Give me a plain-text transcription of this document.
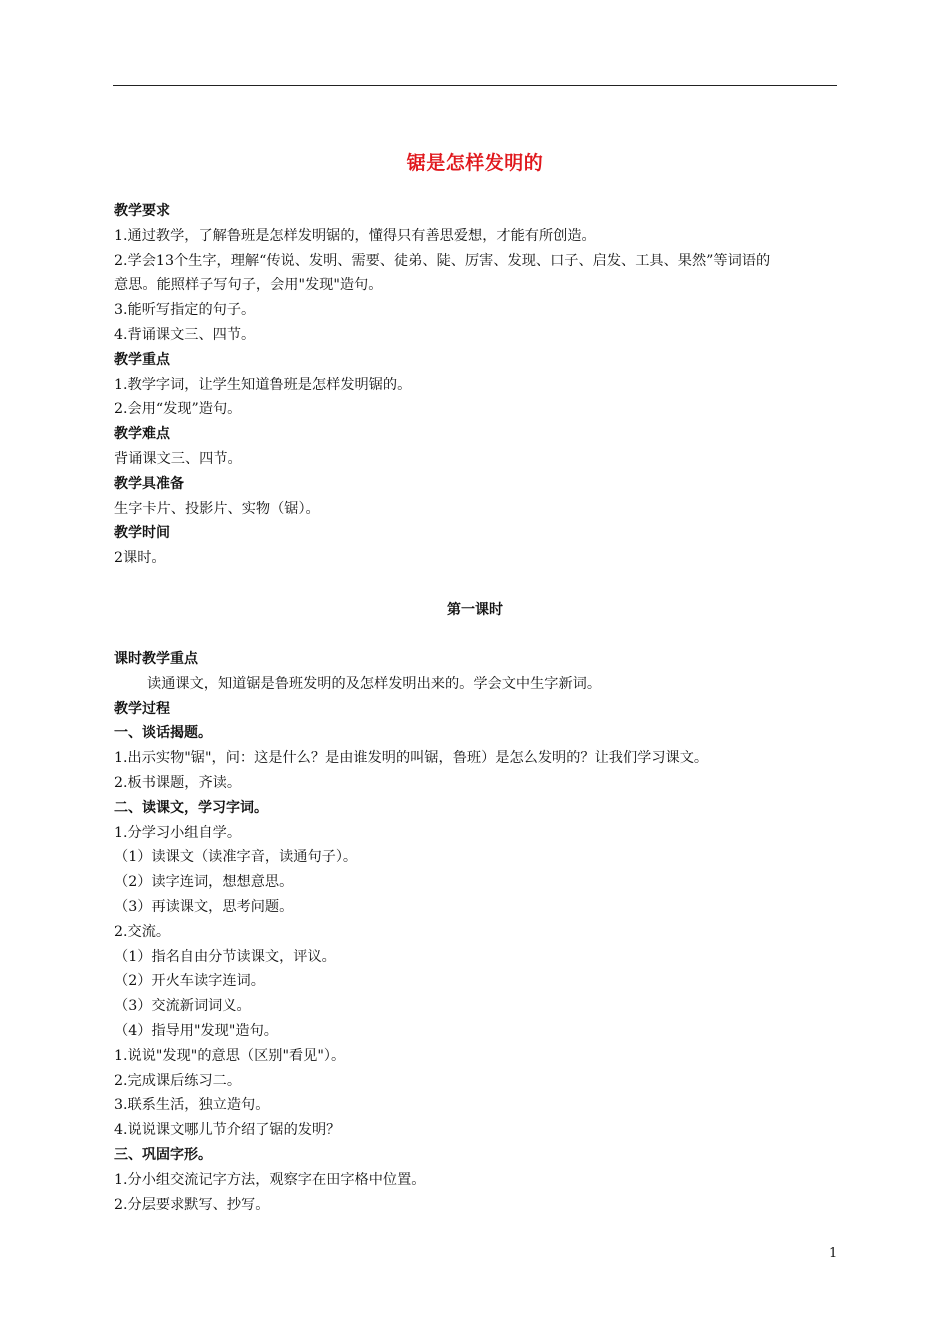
锯是怎样发明的
教学要求
1.通过教学，了解鲁班是怎样发明锯的，懂得只有善思爱想，才能有所创造。
2.学会13个生字，理解“传说、发明、需要、徒弟、陡、厉害、发现、口子、启发、工具、果然”等词语的
意思。能照样子写句子，会用"发现"造句。
3.能听写指定的句子。
4.背诵课文三、四节。
教学重点
1.教学字词，让学生知道鲁班是怎样发明锯的。
2.会用“发现”造句。
教学难点
背诵课文三、四节。
教学具准备
生字卡片、投影片、实物（锯）。
教学时间
2课时。
第一课时
课时教学重点
读通课文，知道锯是鲁班发明的及怎样发明出来的。学会文中生字新词。
教学过程
一、谈话揭题。
1.出示实物"锯"，问：这是什么？是由谁发明的叫锯，鲁班）是怎么发明的？让我们学习课文。
2.板书课题，齐读。
二、读课文，学习字词。
1.分学习小组自学。
（1）读课文（读准字音，读通句子）。
（2）读字连词，想想意思。
（3）再读课文，思考问题。
2.交流。
（1）指名自由分节读课文，评议。
（2）开火车读字连词。
（3）交流新词词义。
（4）指导用"发现"造句。
1.说说"发现"的意思（区别"看见"）。
2.完成课后练习二。
3.联系生活，独立造句。
4.说说课文哪儿节介绍了锯的发明？
三、巩固字形。
1.分小组交流记字方法，观察字在田字格中位置。
2.分层要求默写、抄写。
1
